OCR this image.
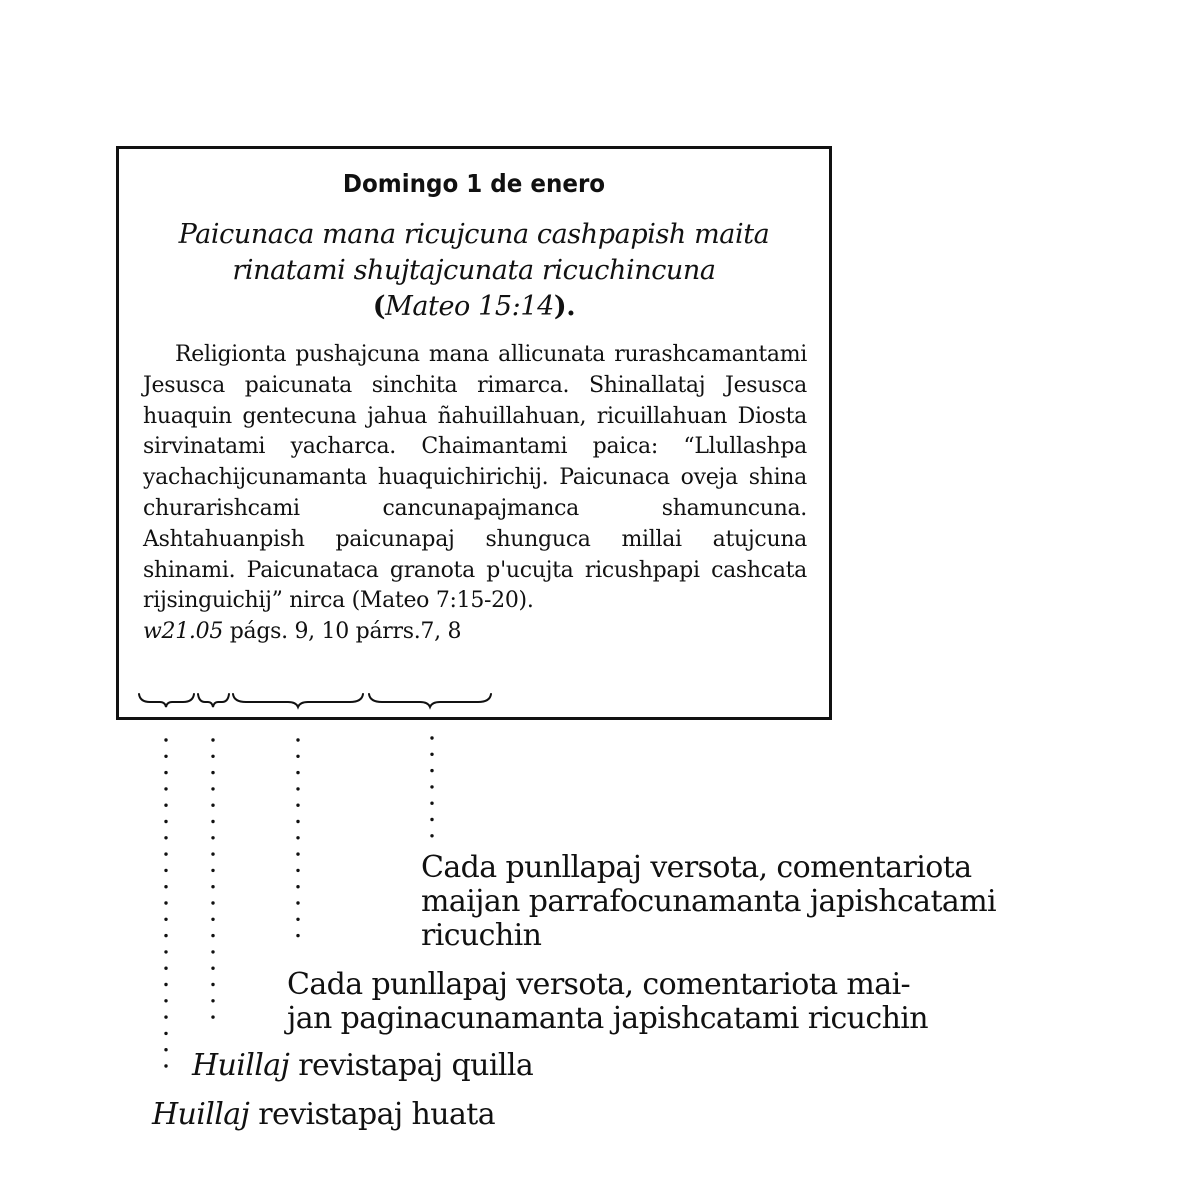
Domingo 1 de enero
Paicunaca mana ricujcuna cashpapish maita
rinatami shujtajcunata ricuchincuna
(Mateo 15:14).
Religionta pushajcuna mana allicunata rurashcamantami Jesusca paicunata sinchita rimarca. Shinallataj Jesusca huaquin gentecuna jahua ñahuillahuan, ricuillahuan Diosta sirvinatami yacharca. Chaimantami paica: “Llullashpa yachachijcunamanta huaquichirichij. Paicunaca oveja shina churarishcami cancunapajmanca shamuncuna. Ashtahuanpish paicunapaj shunguca millai atujcuna shinami. Paicunataca granota p'ucujta ricushpapi cashcata rijsinguichij” nirca (Mateo 7:15-20).
w21.05 págs. 9, 10 párrs.7, 8
Cada punllapaj versota, comentariota
maijan parrafocunamanta japishcatami
ricuchin
Cada punllapaj versota, comentariota mai-
jan paginacunamanta japishcatami ricuchin
Huillaj revistapaj quilla
Huillaj revistapaj huata
